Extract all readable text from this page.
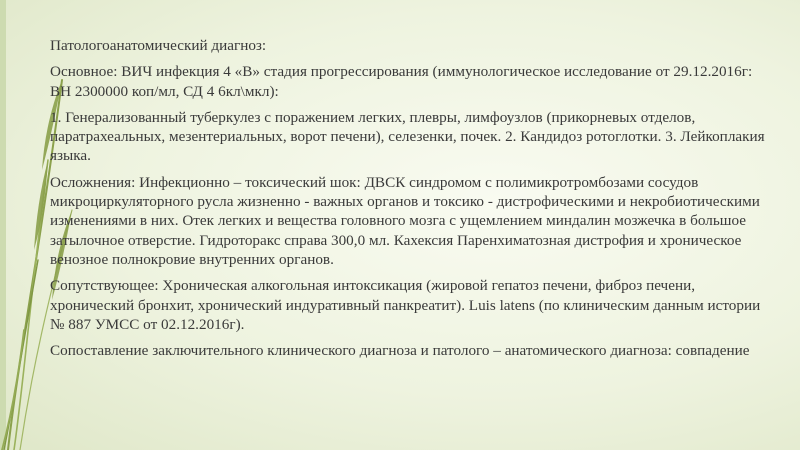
Патологоанатомический диагноз:

Основное: ВИЧ инфекция 4 «В» стадия прогрессирования (иммунологическое исследование от 29.12.2016г: ВН 2300000 коп/мл, СД 4 6кл\мкл):

1. Генерализованный туберкулез с поражением легких, плевры, лимфоузлов (прикорневых отделов, паратрахеальных, мезентериальных, ворот печени), селезенки, почек. 2. Кандидоз ротоглотки. 3. Лейкоплакия языка.

Осложнения: Инфекционно – токсический шок: ДВСК синдромом с полимикротромбозами сосудов микроциркуляторного русла жизненно - важных органов и токсико - дистрофическими и некробиотическими изменениями в них. Отек легких и вещества головного мозга с ущемлением миндалин мозжечка в большое затылочное отверстие. Гидроторакс справа 300,0 мл. Кахексия Паренхиматозная дистрофия и хроническое венозное полнокровие внутренних органов.

Сопутствующее: Хроническая алкогольная интоксикация (жировой гепатоз печени, фиброз печени, хронический бронхит, хронический индуративный панкреатит). Luis latens (по клиническим данным истории № 887 УМСС от 02.12.2016г).

Сопоставление заключительного клинического диагноза и патолого – анатомического диагноза: совпадение
